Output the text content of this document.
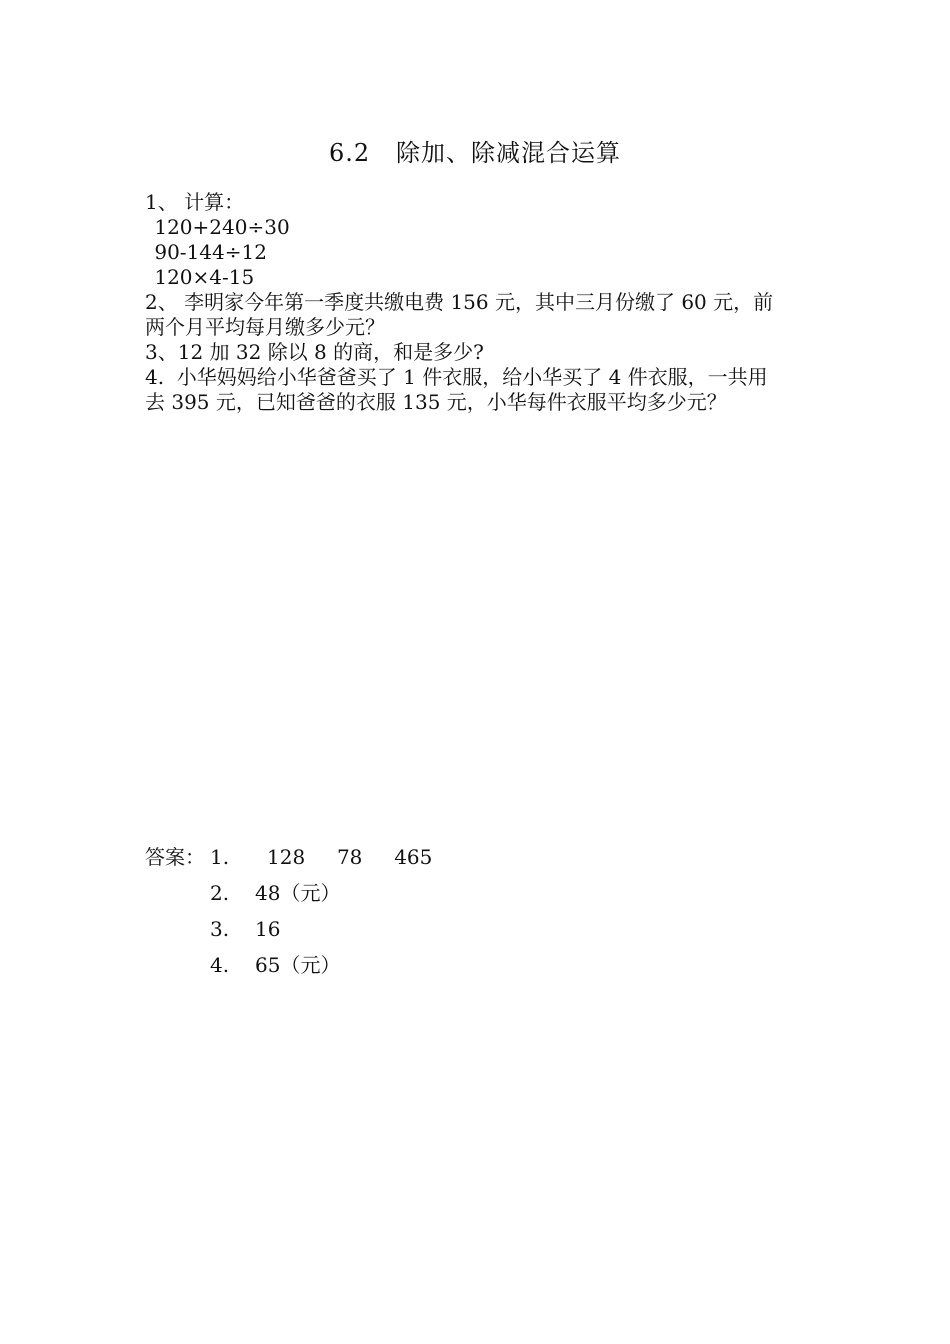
6.2   除加、除减混合运算
1、 计算：
120+240÷30
90-144÷12
120×4-15
2、 李明家今年第一季度共缴电费 156 元，其中三月份缴了 60 元，前
两个月平均每月缴多少元？
3、12 加 32 除以 8 的商，和是多少?
4.  小华妈妈给小华爸爸买了 1 件衣服，给小华买了 4 件衣服，一共用
去 395 元，已知爸爸的衣服 135 元，小华每件衣服平均多少元？

答案：

1.

128     78     465

2.

48（元）

3.

16

4.

65（元）
